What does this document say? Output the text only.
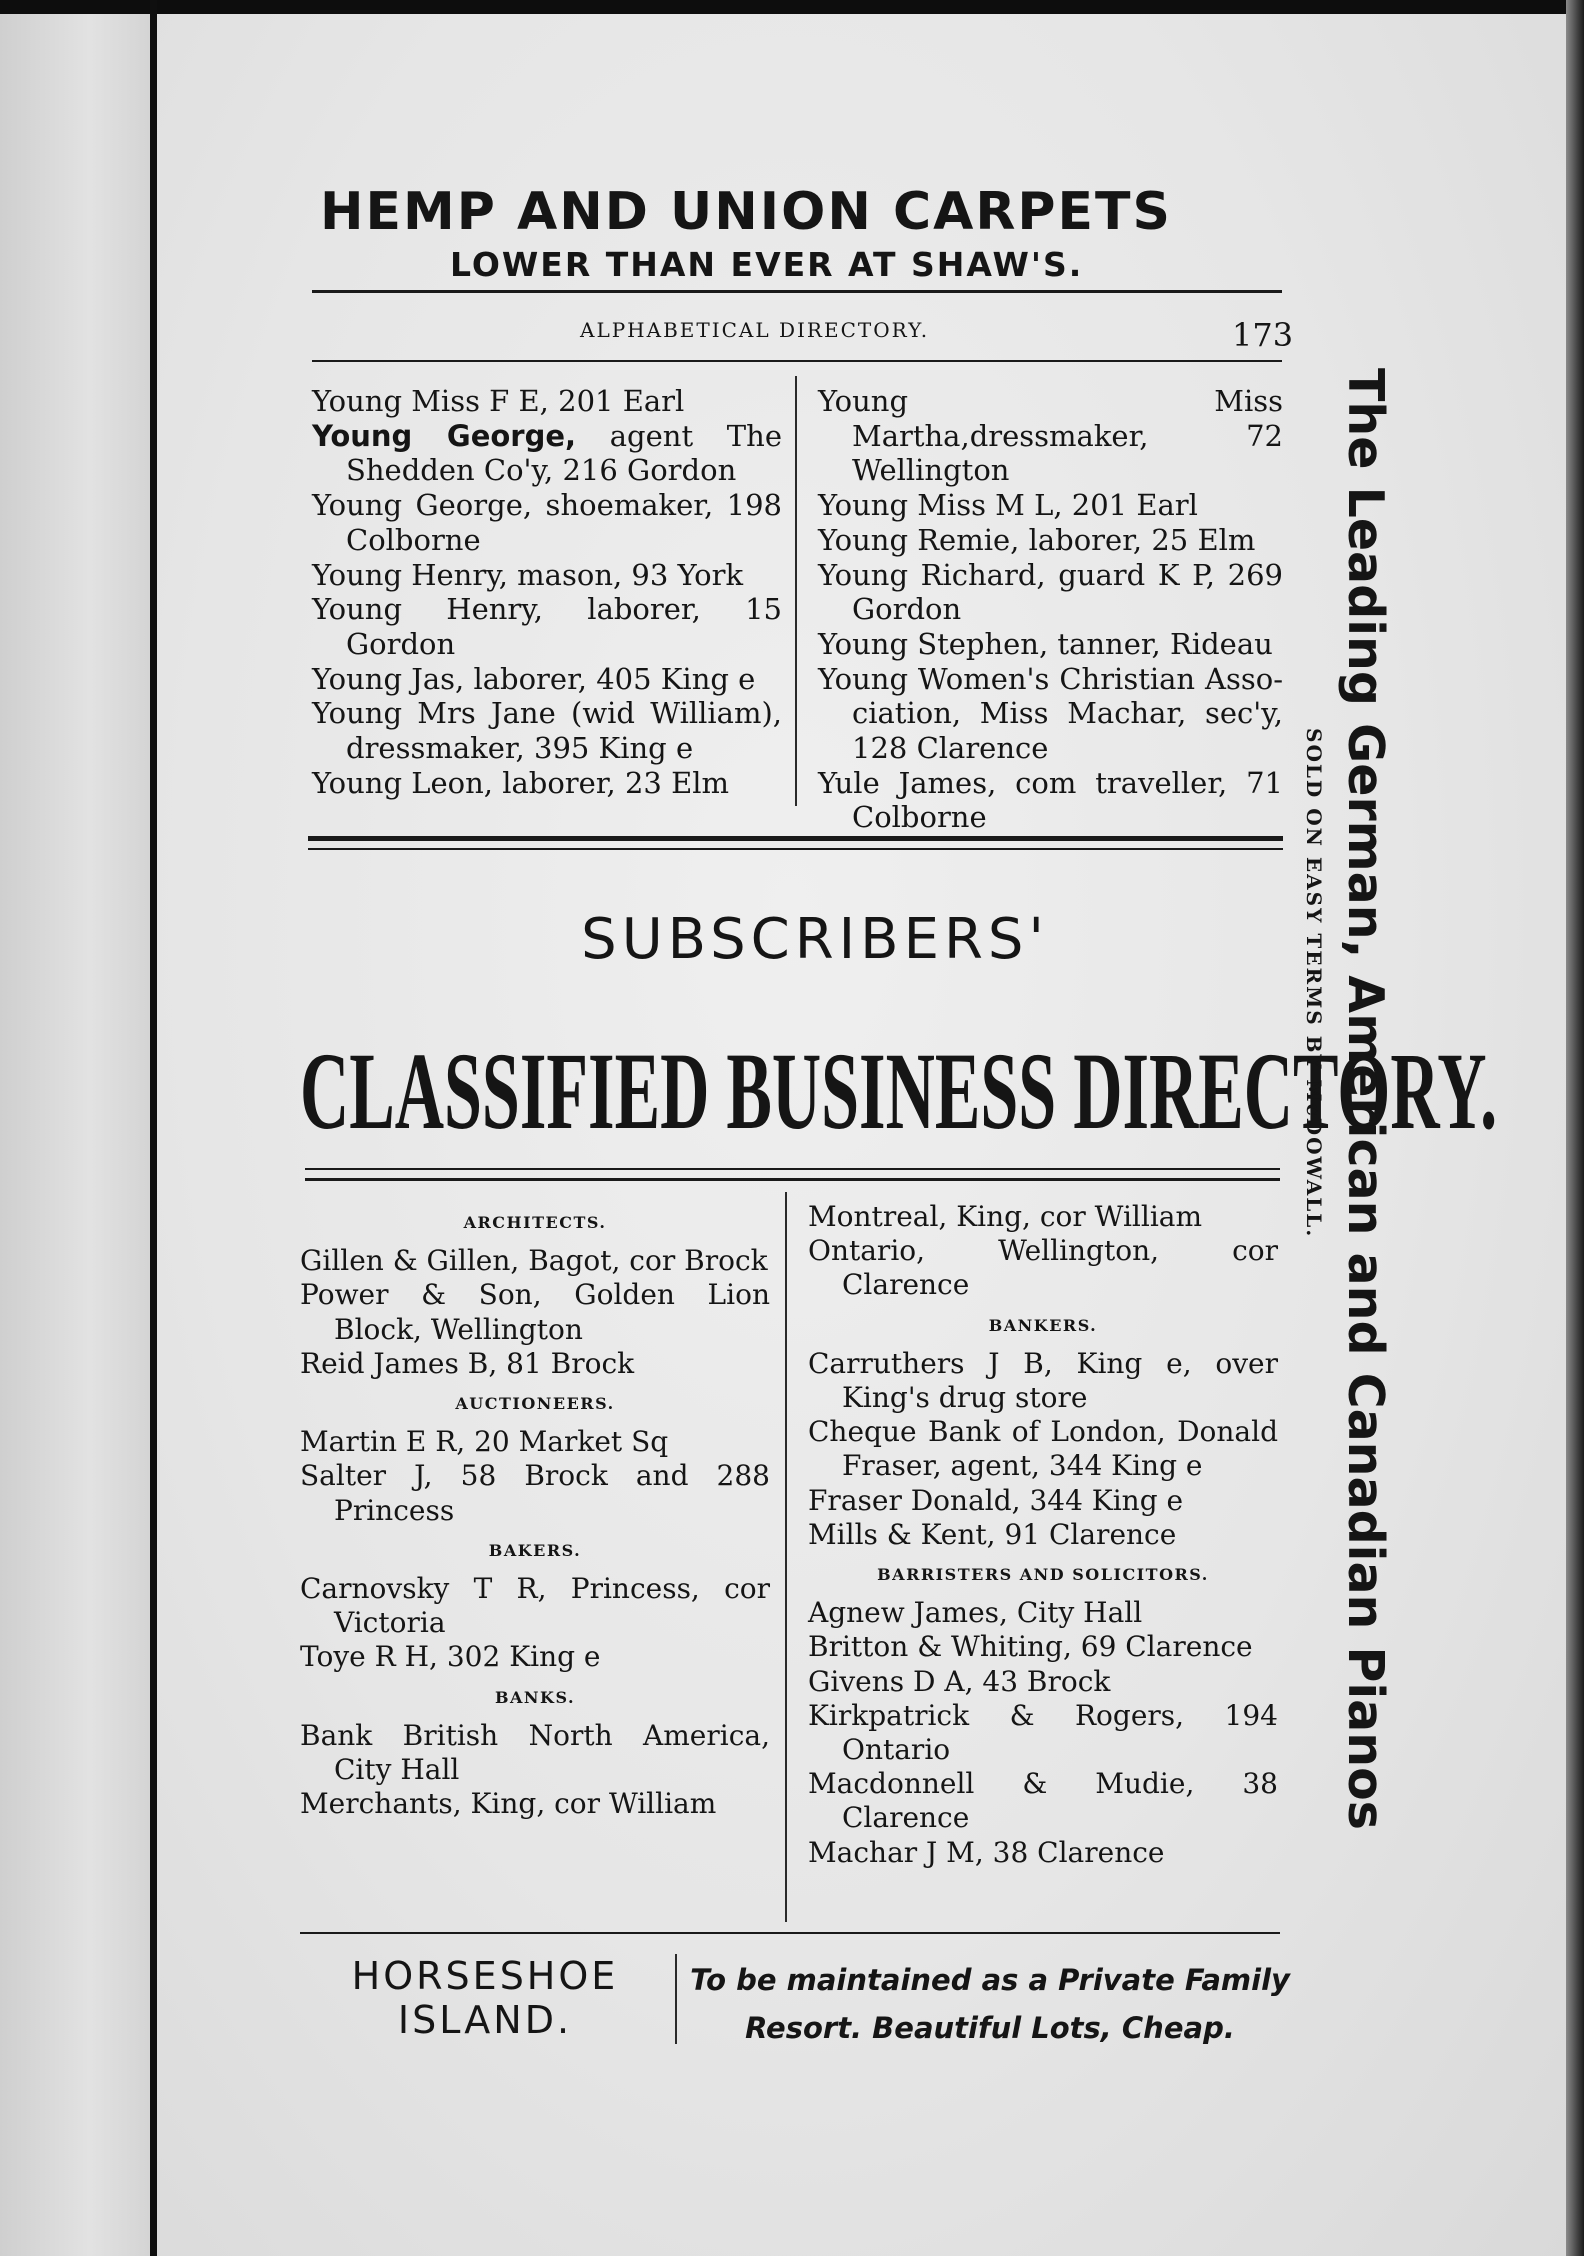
HEMP AND UNION CARPETS
LOWER THAN EVER AT SHAW'S.
ALPHABETICAL DIRECTORY.	173
Young Miss F E, 201 Earl
Young George, agent The Shedden Co'y, 216 Gordon
Young George, shoemaker, 198 Colborne
Young Henry, mason, 93 York
Young Henry, laborer, 15 Gordon
Young Jas, laborer, 405 King e
Young Mrs Jane (wid William), dressmaker, 395 King e
Young Leon, laborer, 23 Elm
Young Miss Martha,dressmaker, 72 Wellington
Young Miss M L, 201 Earl
Young Remie, laborer, 25 Elm
Young Richard, guard K P, 269 Gordon
Young Stephen, tanner, Rideau
Young Women's Christian Asso-ciation, Miss Machar, sec'y, 128 Clarence
Yule James, com traveller, 71 Colborne
SUBSCRIBERS'
CLASSIFIED BUSINESS DIRECTORY.
ARCHITECTS.
Gillen & Gillen, Bagot, cor Brock
Power & Son, Golden Lion Block, Wellington
Reid James B, 81 Brock
AUCTIONEERS.
Martin E R, 20 Market Sq
Salter J, 58 Brock and 288 Princess
BAKERS.
Carnovsky T R, Princess, cor Victoria
Toye R H, 302 King e
BANKS.
Bank British North America, City Hall
Merchants, King, cor William
Montreal, King, cor William
Ontario, Wellington, cor Clarence
BANKERS.
Carruthers J B, King e, over King's drug store
Cheque Bank of London, Donald Fraser, agent, 344 King e
Fraser Donald, 344 King e
Mills & Kent, 91 Clarence
BARRISTERS AND SOLICITORS.
Agnew James, City Hall
Britton & Whiting, 69 Clarence
Givens D A, 43 Brock
Kirkpatrick & Rogers, 194 Ontario
Macdonnell & Mudie, 38 Clarence
Machar J M, 38 Clarence
HORSESHOE
ISLAND.
To be maintained as a Private Family
Resort. Beautiful Lots, Cheap.
The Leading German, American and Canadian Pianos
SOLD ON EASY TERMS BY McDOWALL.
